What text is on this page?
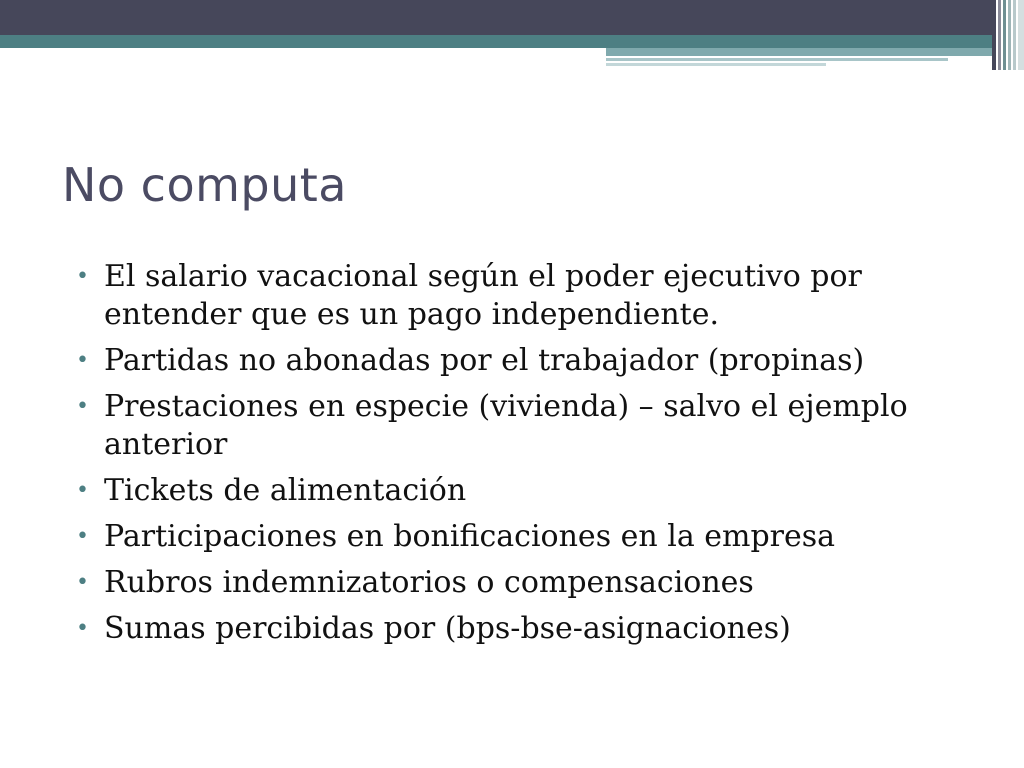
No computa
• El salario vacacional según el poder ejecutivo por entender que es un pago independiente.
• Partidas no abonadas por el trabajador (propinas)
• Prestaciones en especie (vivienda) – salvo el ejemplo anterior
• Tickets de alimentación
• Participaciones en bonificaciones en la empresa
• Rubros indemnizatorios o compensaciones
• Sumas percibidas por (bps-bse-asignaciones)
